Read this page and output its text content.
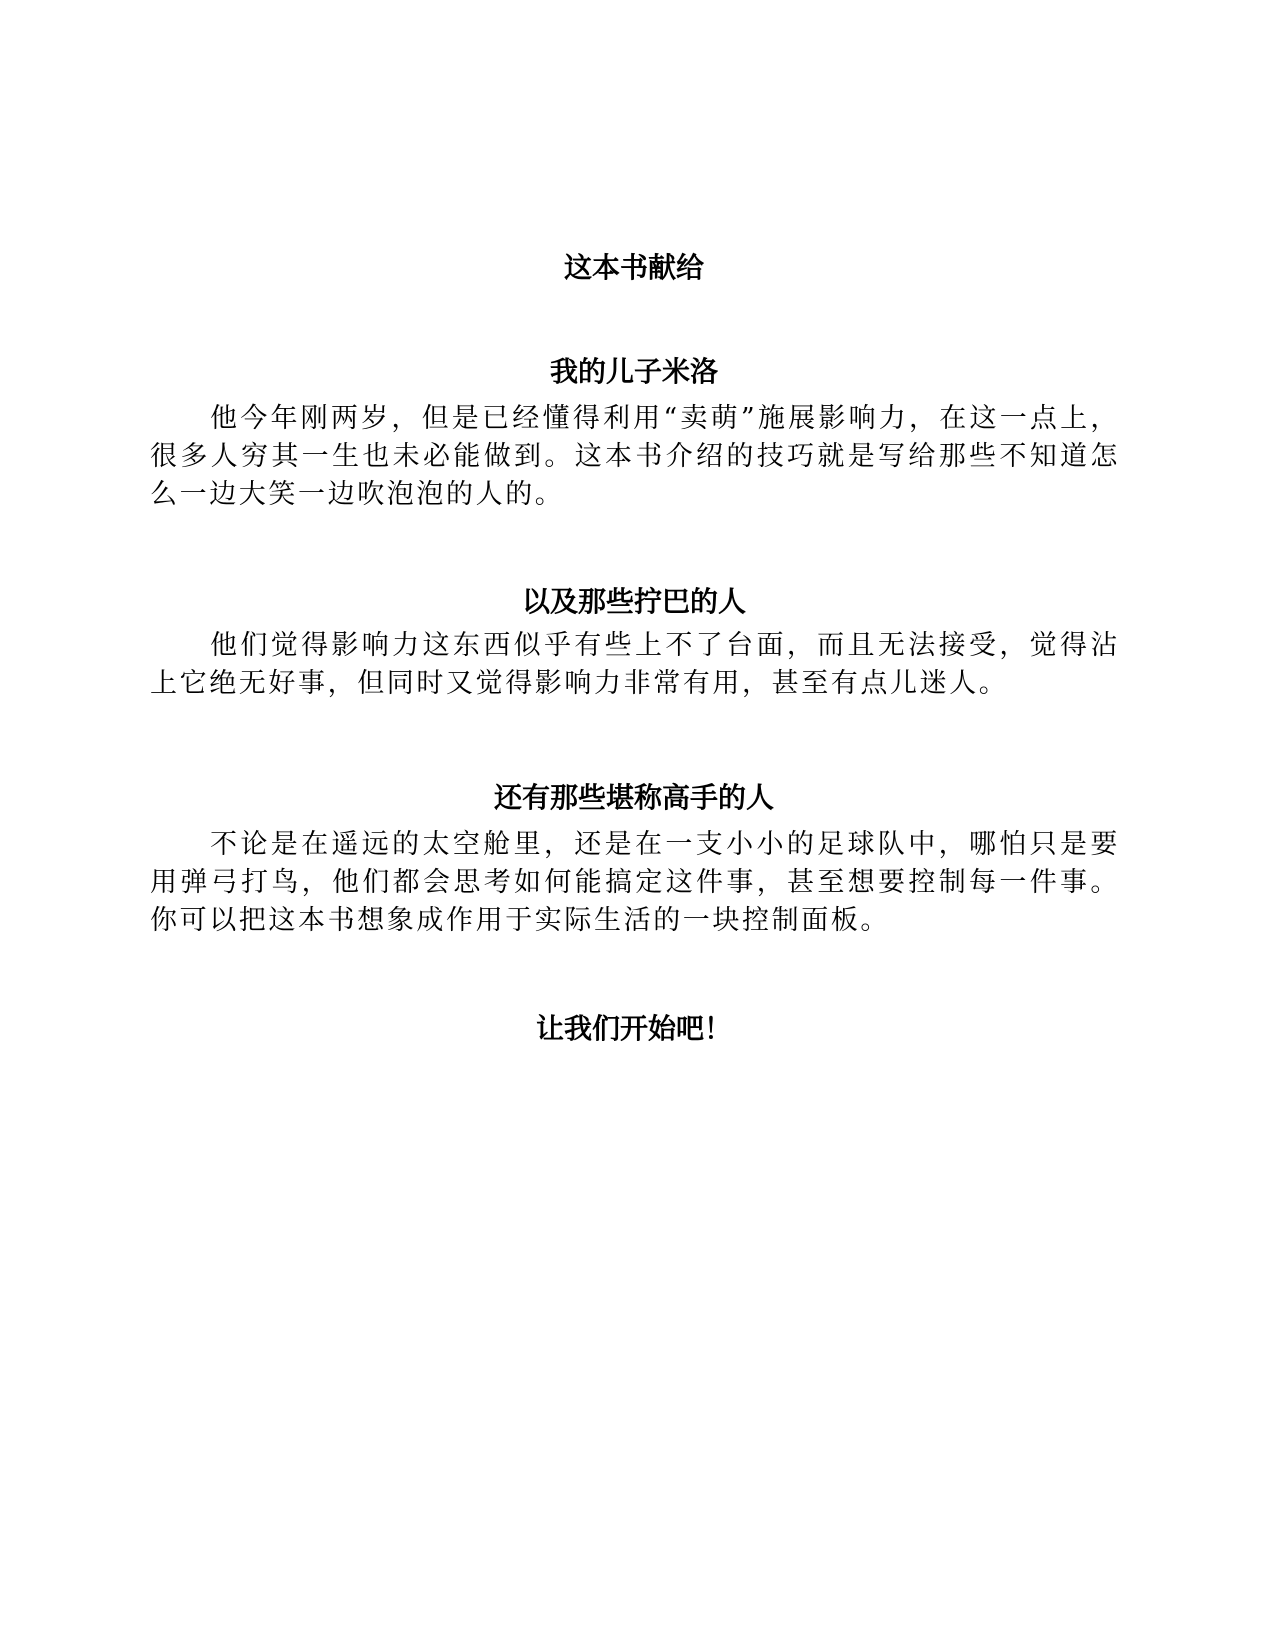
这本书献给
我的儿子米洛

他今年刚两岁，但是已经懂得利用“卖萌”施展影响力，在这一点上，很多人穷其一生也未必能做到。这本书介绍的技巧就是写给那些不知道怎么一边大笑一边吹泡泡的人的。

以及那些拧巴的人

他们觉得影响力这东西似乎有些上不了台面，而且无法接受，觉得沾上它绝无好事，但同时又觉得影响力非常有用，甚至有点儿迷人。

还有那些堪称高手的人

不论是在遥远的太空舱里，还是在一支小小的足球队中，哪怕只是要用弹弓打鸟，他们都会思考如何能搞定这件事，甚至想要控制每一件事。你可以把这本书想象成作用于实际生活的一块控制面板。

让我们开始吧！
